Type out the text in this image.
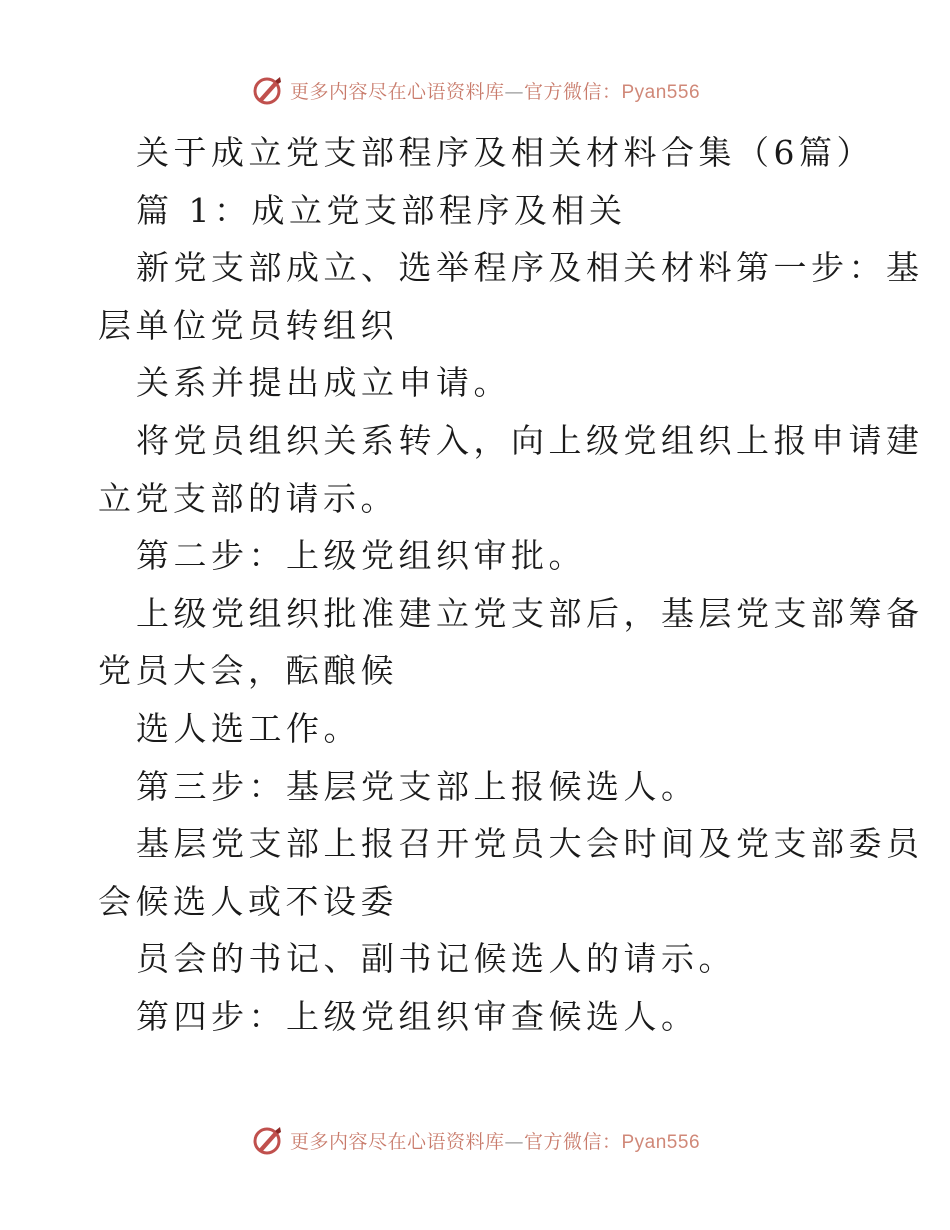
更多内容尽在心语资料库—官方微信：Pyan556
关于成立党支部程序及相关材料合集（6篇）
篇 1：成立党支部程序及相关
新党支部成立、选举程序及相关材料第一步：基
层单位党员转组织
关系并提出成立申请。
将党员组织关系转入，向上级党组织上报申请建
立党支部的请示。
第二步：上级党组织审批。
上级党组织批准建立党支部后，基层党支部筹备
党员大会，酝酿候
选人选工作。
第三步：基层党支部上报候选人。
基层党支部上报召开党员大会时间及党支部委员
会候选人或不设委
员会的书记、副书记候选人的请示。
第四步：上级党组织审查候选人。
更多内容尽在心语资料库—官方微信：Pyan556
